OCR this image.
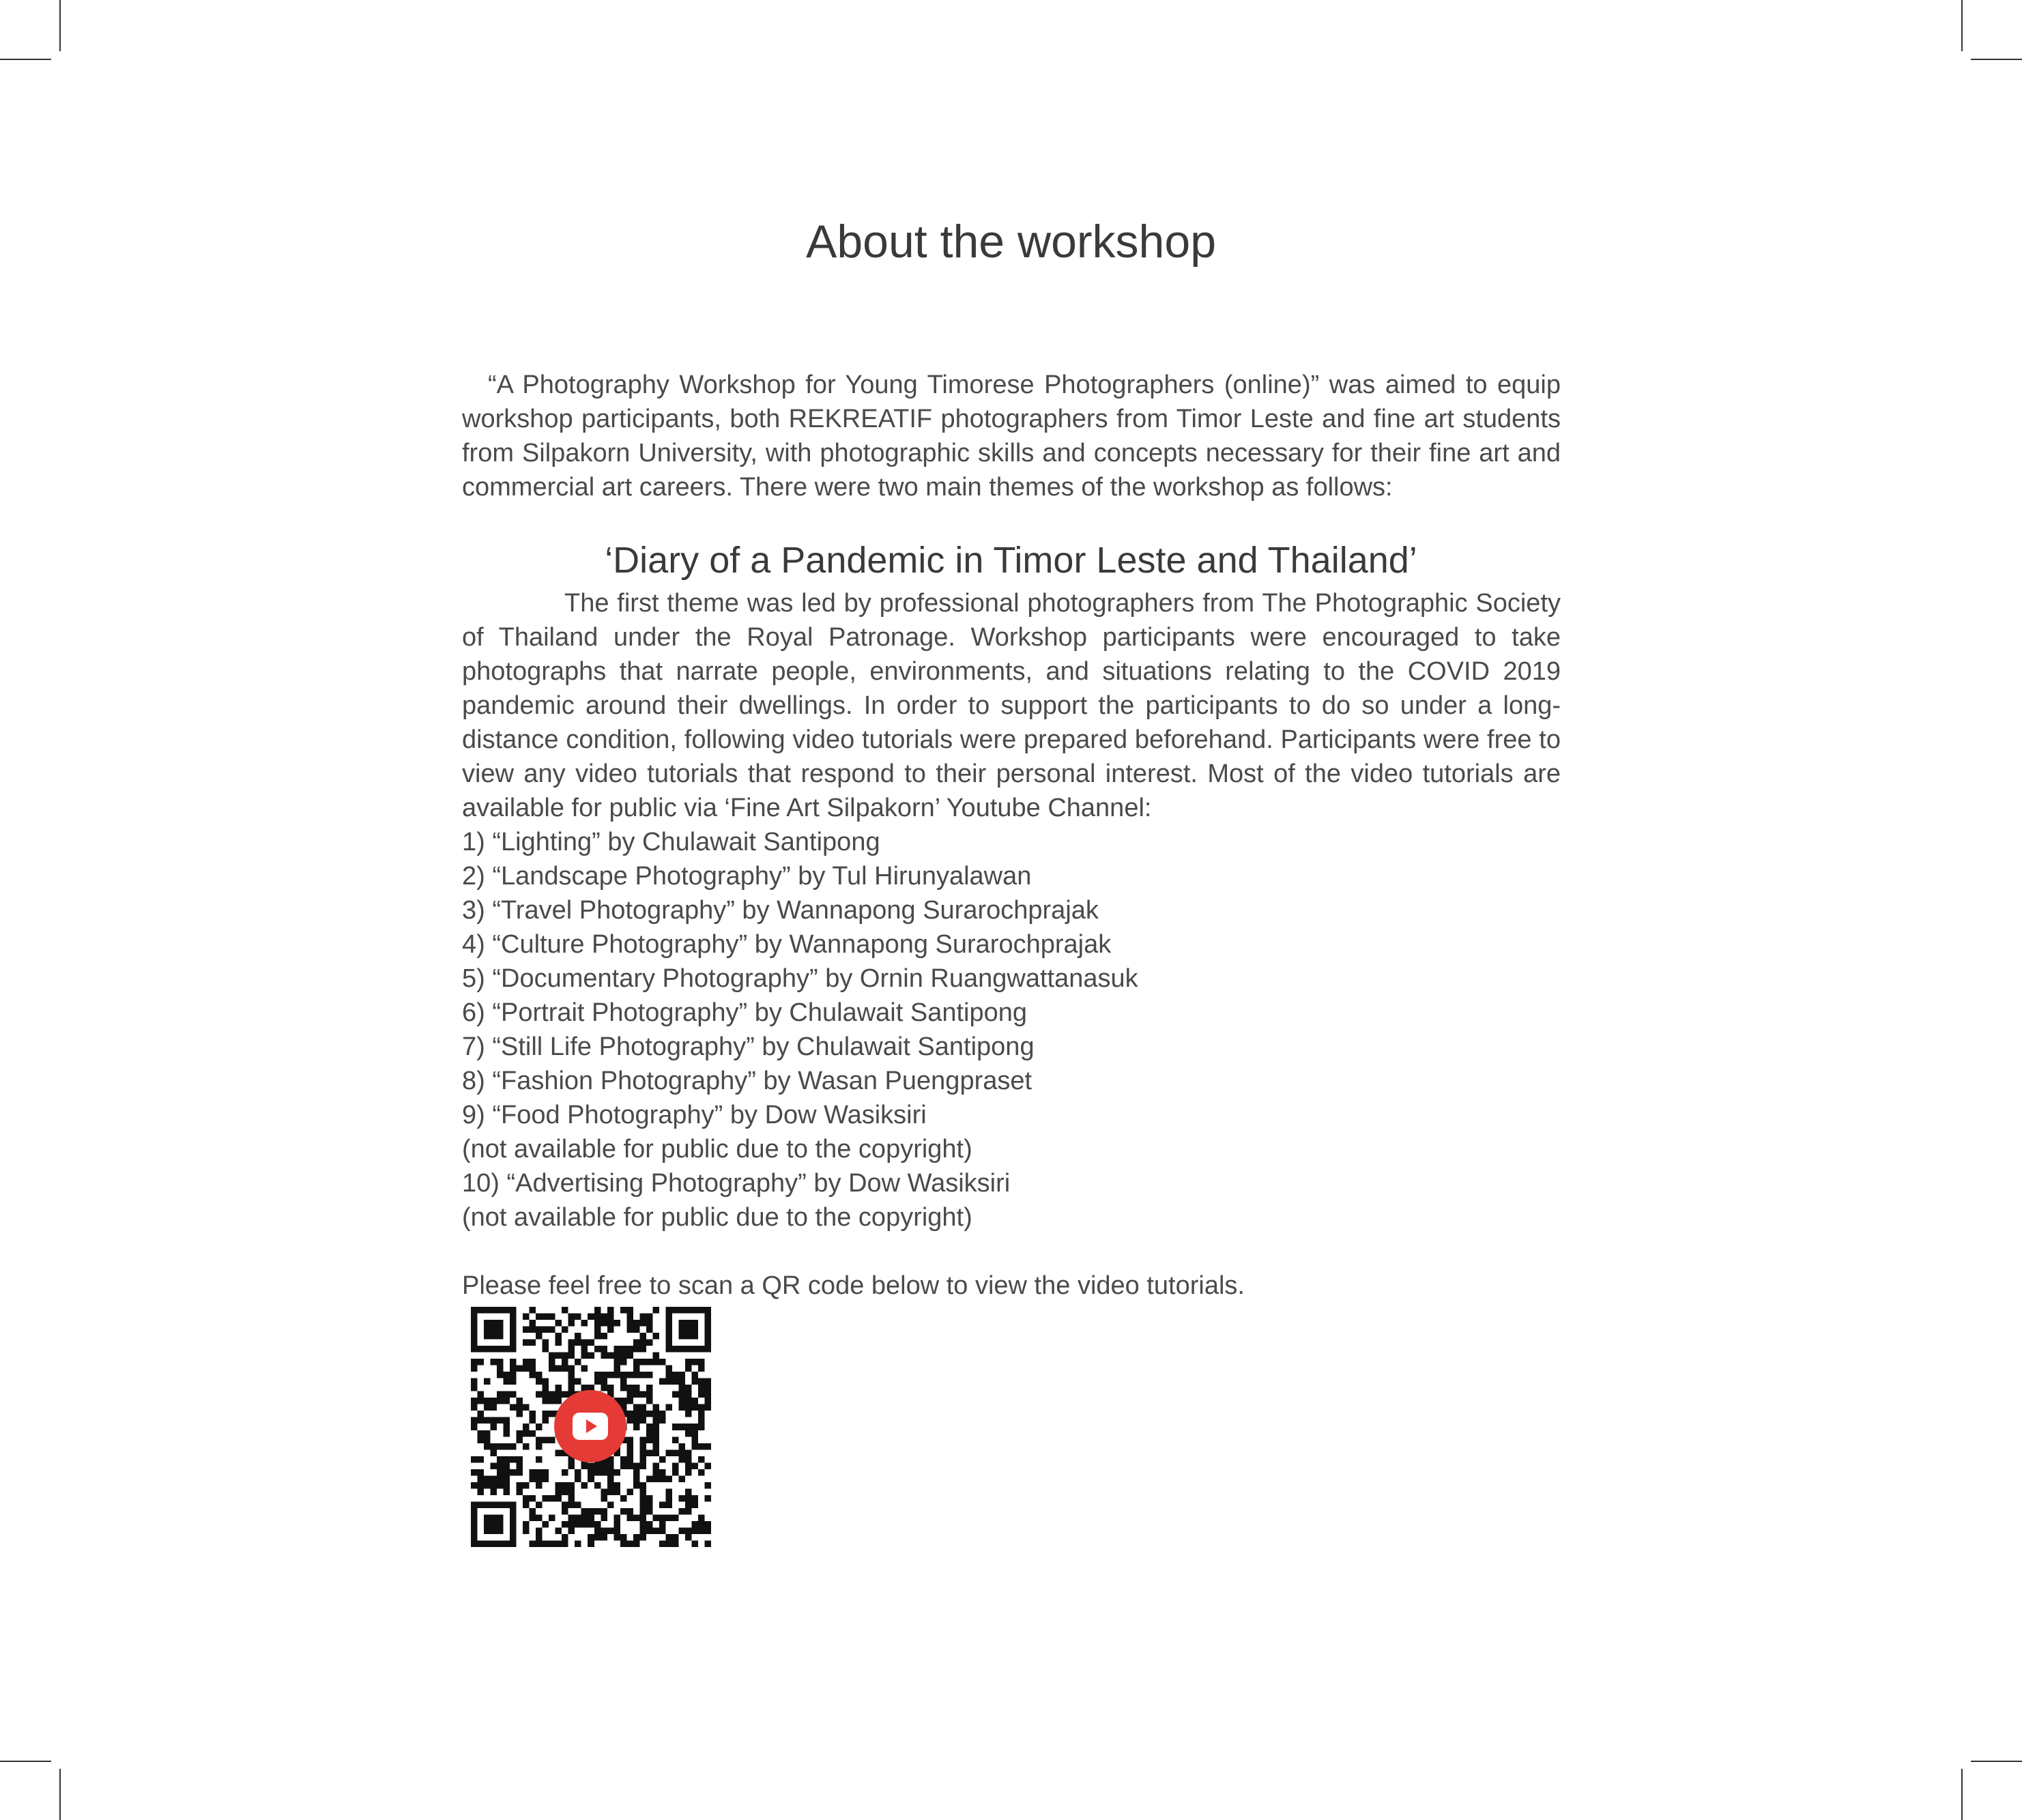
About the workshop

“A Photography Workshop for Young Timorese Photographers (online)” was aimed to equip workshop participants, both REKREATIF photographers from Timor Leste and fine art students from Silpakorn University, with photographic skills and concepts necessary for their fine art and commercial art careers. There were two main themes of the workshop as follows:

‘Diary of a Pandemic in Timor Leste and Thailand’

The first theme was led by professional photographers from The Photographic Society of Thailand under the Royal Patronage. Workshop participants were encouraged to take photographs that narrate people, environments, and situations relating to the COVID 2019 pandemic around their dwellings. In order to support the participants to do so under a long-distance condition, following video tutorials were prepared beforehand. Participants were free to view any video tutorials that respond to their personal interest. Most of the video tutorials are available for public via ‘Fine Art Silpakorn’ Youtube Channel:

1) “Lighting” by Chulawait Santipong
2) “Landscape Photography” by Tul Hirunyalawan
3) “Travel Photography” by Wannapong Surarochprajak
4) “Culture Photography” by Wannapong Surarochprajak
5) “Documentary Photography” by Ornin Ruangwattanasuk
6) “Portrait Photography” by Chulawait Santipong
7) “Still Life Photography” by Chulawait Santipong
8) “Fashion Photography” by Wasan Puengpraset
9) “Food Photography” by Dow Wasiksiri
(not available for public due to the copyright)
10) “Advertising Photography” by Dow Wasiksiri
(not available for public due to the copyright)

Please feel free to scan a QR code below to view the video tutorials.
